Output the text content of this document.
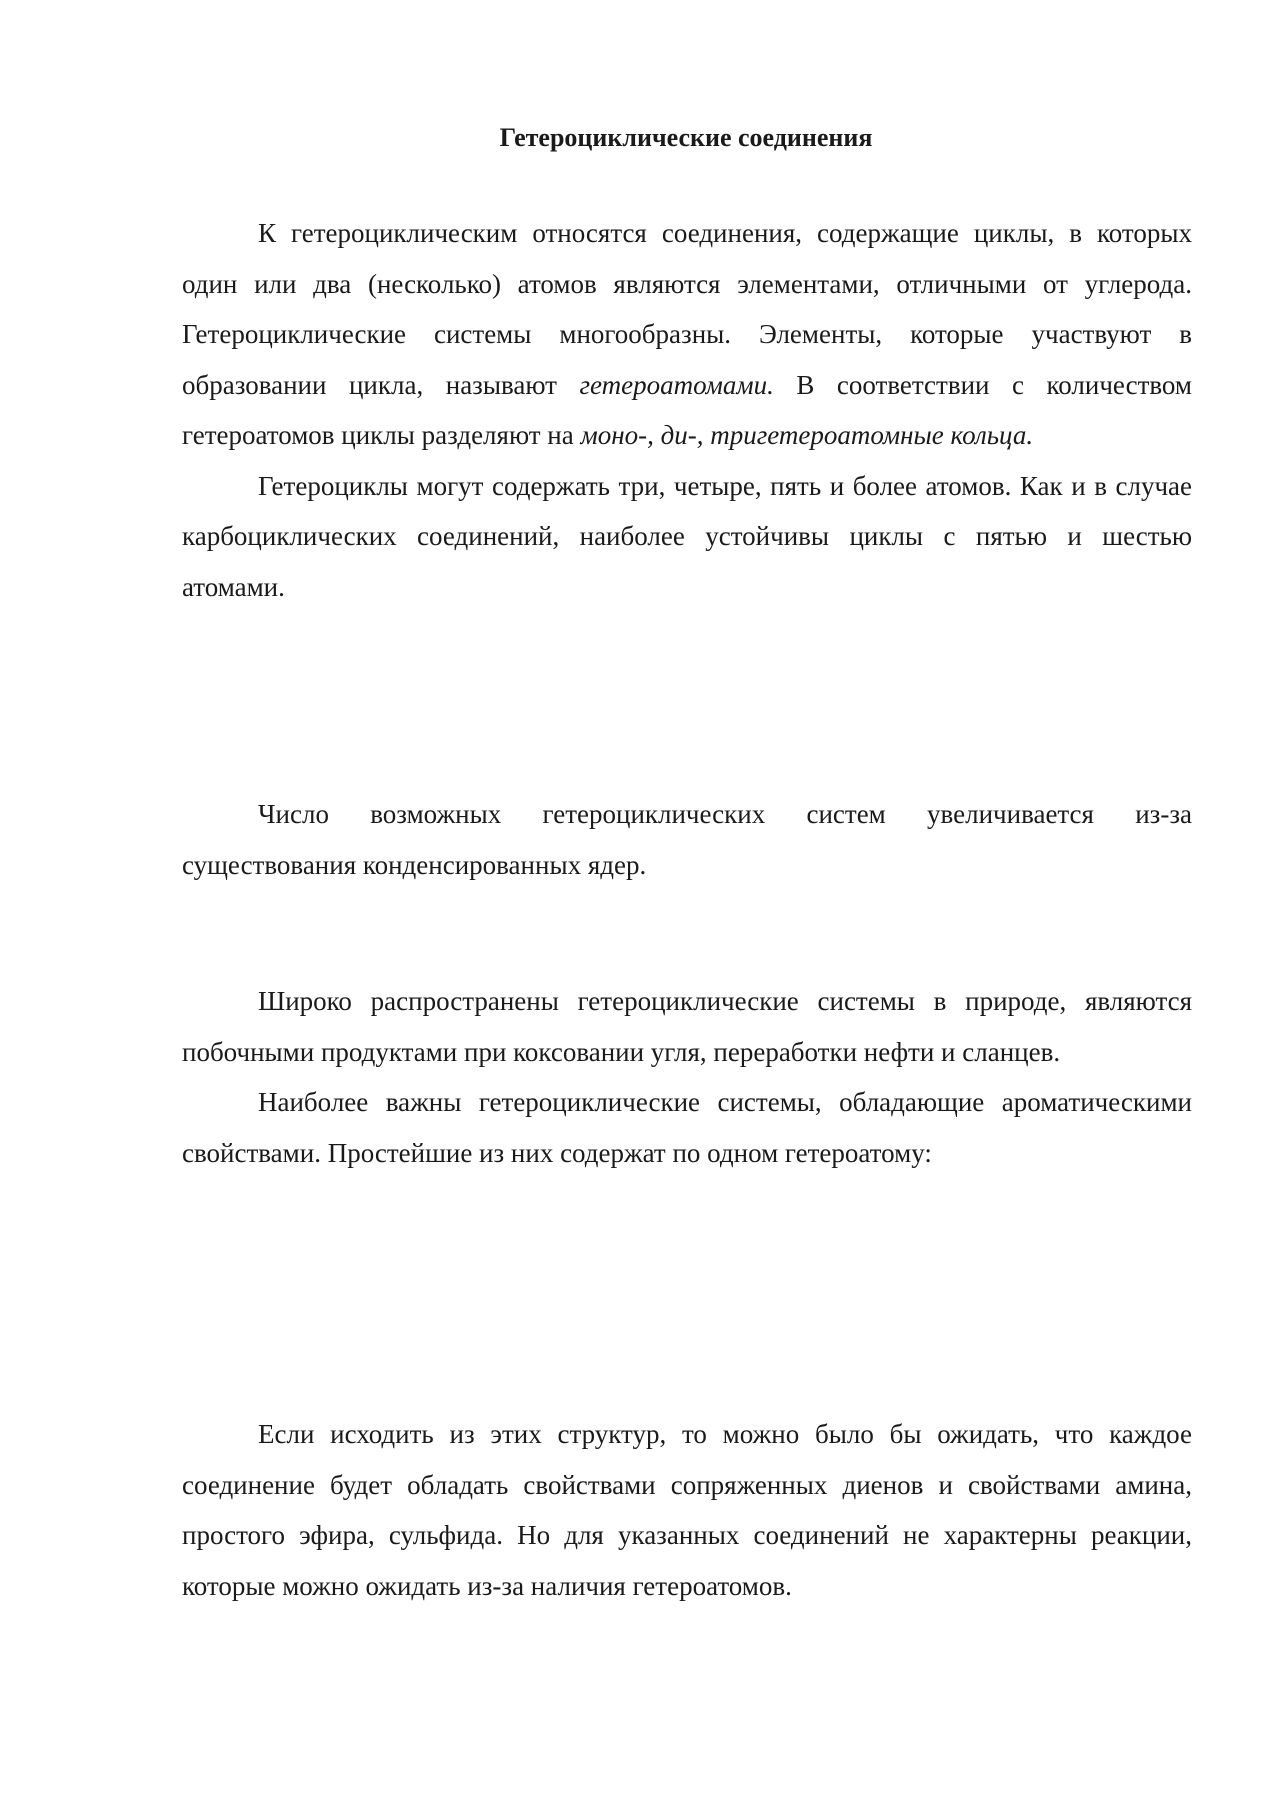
Гетероциклические соединения

К гетероциклическим относятся соединения, содержащие циклы, в которых один или два (несколько) атомов являются элементами, отличными от углерода. Гетероциклические системы многообразны. Элементы, которые участвуют в образовании цикла, называют гетероатомами. В соответствии с количеством гетероатомов циклы разделяют на моно-, ди-, тригетероатомные кольца.

Гетероциклы могут содержать три, четыре, пять и более атомов. Как и в случае карбоциклических соединений, наиболее устойчивы циклы с пятью и шестью атомами.

Число возможных гетероциклических систем увеличивается из-за существования конденсированных ядер.

Широко распространены гетероциклические системы в природе, являются побочными продуктами при коксовании угля, переработки нефти и сланцев.

Наиболее важны гетероциклические системы, обладающие ароматическими свойствами. Простейшие из них содержат по одном гетероатому:

Если исходить из этих структур, то можно было бы ожидать, что каждое соединение будет обладать свойствами сопряженных диенов и свойствами амина, простого эфира, сульфида. Но для указанных соединений не характерны реакции, которые можно ожидать из-за наличия гетероатомов.
